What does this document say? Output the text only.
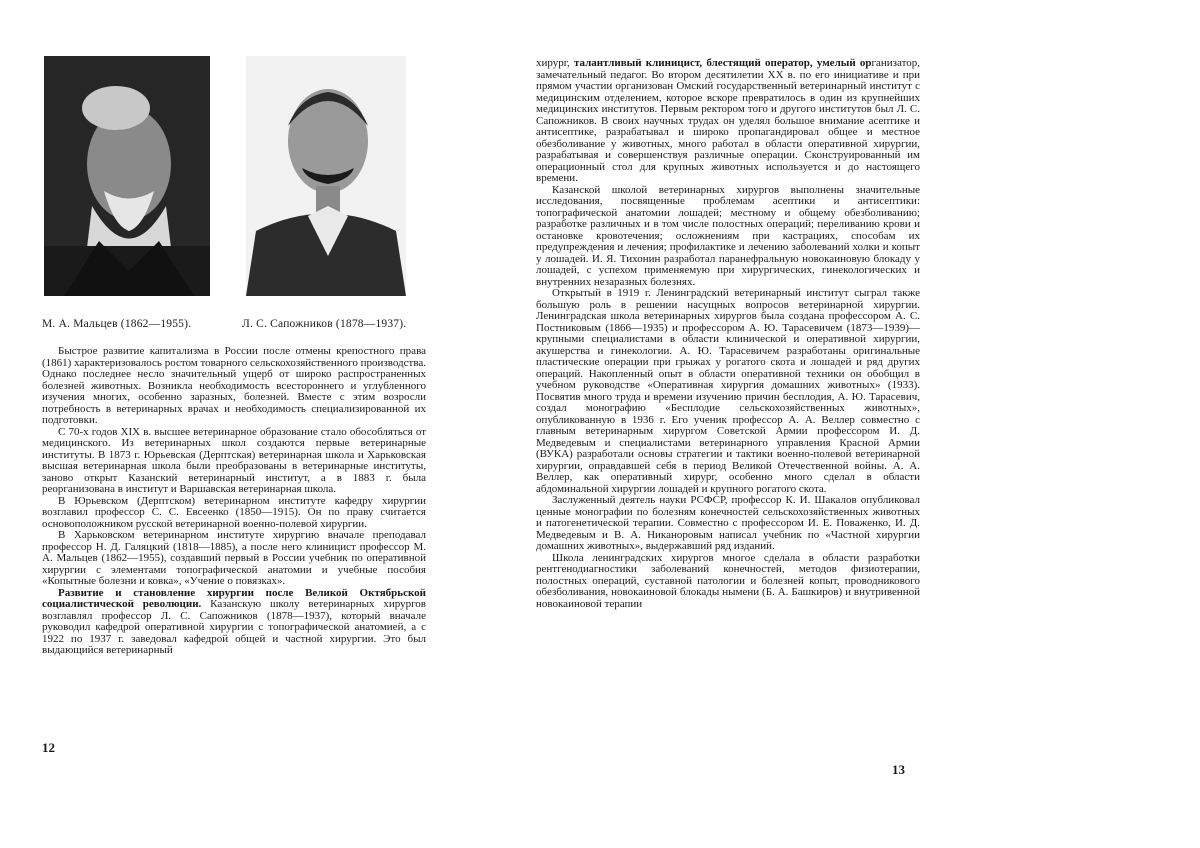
М. А. Мальцев (1862—1955).	Л. С. Сапожников (1878—1937).

Быстрое развитие капитализма в России после отмены крепостного права (1861) характеризовалось ростом товарного сельскохозяйственного производства. Однако последнее несло значительный ущерб от широко распространенных болезней животных. Возникла необходимость всестороннего и углубленного изучения многих, особенно заразных, болезней. Вместе с этим возросли потребность в ветеринарных врачах и необходимость специализированной их подготовки.

С 70-х годов XIX в. высшее ветеринарное образование стало обособляться от медицинского. Из ветеринарных школ создаются первые ветеринарные институты. В 1873 г. Юрьевская (Дерптская) ветеринарная школа и Харьковская высшая ветеринарная школа были преобразованы в ветеринарные институты, заново открыт Казанский ветеринарный институт, а в 1883 г. была реорганизована в институт и Варшавская ветеринарная школа.

В Юрьевском (Дерптском) ветеринарном институте кафедру хирургии возглавил профессор С. С. Евсеенко (1850—1915). Он по праву считается основоположником русской ветеринарной военно-полевой хирургии.

В Харьковском ветеринарном институте хирургию вначале преподавал профессор Н. Д. Галяцкий (1818—1885), а после него клиницист профессор М. А. Мальцев (1862—1955), создавший первый в России учебник по оперативной хирургии с элементами топографической анатомии и учебные пособия «Копытные болезни и ковка», «Учение о повязках».

Развитие и становление хирургии после Великой Октябрьской социалистической революции. Казанскую школу ветеринарных хирургов возглавлял профессор Л. С. Сапожников (1878—1937), который вначале руководил кафедрой оперативной хирургии с топографической анатомией, а с 1922 по 1937 г. заведовал кафедрой общей и частной хирургии. Это был выдающийся ветеринарный

12

хирург, талантливый клиницист, блестящий оператор, умелый организатор, замечательный педагог. Во втором десятилетии XX в. по его инициативе и при прямом участии организован Омский государственный ветеринарный институт с медицинским отделением, которое вскоре превратилось в один из крупнейших медицинских институтов. Первым ректором того и другого институтов был Л. С. Сапожников. В своих научных трудах он уделял большое внимание асептике и антисептике, разрабатывал и широко пропагандировал общее и местное обезболивание у животных, много работал в области оперативной хирургии, разрабатывая и совершенствуя различные операции. Сконструированный им операционный стол для крупных животных используется и до настоящего времени.

Казанской школой ветеринарных хирургов выполнены значительные исследования, посвященные проблемам асептики и антисептики: топографической анатомии лошадей; местному и общему обезболиванию; разработке различных и в том числе полостных операций; переливанию крови и остановке кровотечения; осложнениям при кастрациях, способам их предупреждения и лечения; профилактике и лечению заболеваний холки и копыт у лошадей. И. Я. Тихонин разработал паранефральную новокаиновую блокаду у лошадей, с успехом применяемую при хирургических, гинекологических и внутренних незаразных болезнях.

Открытый в 1919 г. Ленинградский ветеринарный институт сыграл также большую роль в решении насущных вопросов ветеринарной хирургии. Ленинградская школа ветеринарных хирургов была создана профессором А. С. Постниковым (1866—1935) и профессором А. Ю. Тарасевичем (1873—1939)—крупными специалистами в области клинической и оперативной хирургии, акушерства и гинекологии. А. Ю. Тарасевичем разработаны оригинальные пластические операции при грыжах у рогатого скота и лошадей и ряд других операций. Накопленный опыт в области оперативной техники он обобщил в учебном руководстве «Оперативная хирургия домашних животных» (1933). Посвятив много труда и времени изучению причин бесплодия, А. Ю. Тарасевич, создал монографию «Бесплодие сельскохозяйственных животных», опубликованную в 1936 г. Его ученик профессор А. А. Веллер совместно с главным ветеринарным хирургом Советской Армии профессором И. Д. Медведевым и специалистами ветеринарного управления Красной Армии (ВУКА) разработали основы стратегии и тактики военно-полевой ветеринарной хирургии, оправдавшей себя в период Великой Отечественной войны. А. А. Веллер, как оперативный хирург, особенно много сделал в области абдоминальной хирургии лошадей и крупного рогатого скота.

Заслуженный деятель науки РСФСР, профессор К. И. Шакалов опубликовал ценные монографии по болезням конечностей сельскохозяйственных животных и патогенетической терапии. Совместно с профессором И. Е. Поваженко, И. Д. Медведевым и В. А. Никаноровым написал учебник по «Частной хирургии домашних животных», выдержавший ряд изданий.

Школа ленинградских хирургов многое сделала в области разработки рентгенодиагностики заболеваний конечностей, методов физиотерапии, полостных операций, суставной патологии и болезней копыт, проводникового обезболивания, новокаиновой блокады нымени (Б. А. Башкиров) и внутривенной новокаиновой терапии

13
